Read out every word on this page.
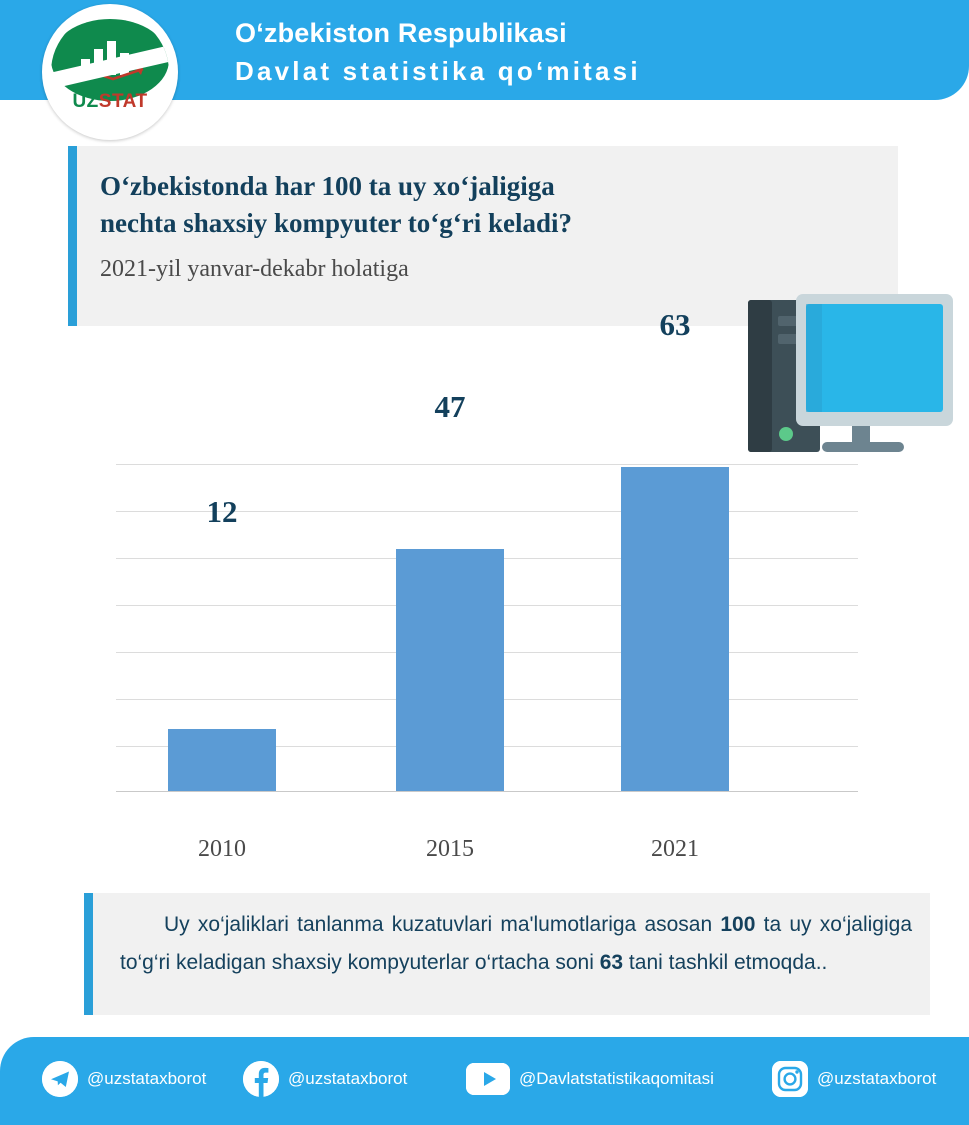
O‘zbekiston Respublikasi
Davlat statistika qo‘mitasi
UZSTAT
O‘zbekistonda har 100 ta uy xo‘jaligiga
nechta shaxsiy kompyuter to‘g‘ri keladi?
2021-yil yanvar-dekabr holatiga
12
47
63
2010	2015	2021
Uy xo‘jaliklari tanlanma kuzatuvlari ma'lumotlariga asosan 100 ta uy xo‘jaligiga to‘g‘ri keladigan shaxsiy kompyuterlar o‘rtacha soni 63 tani tashkil etmoqda..
@uzstataxborot	@uzstataxborot	@Davlatstatistikaqomitasi	@uzstataxborot
